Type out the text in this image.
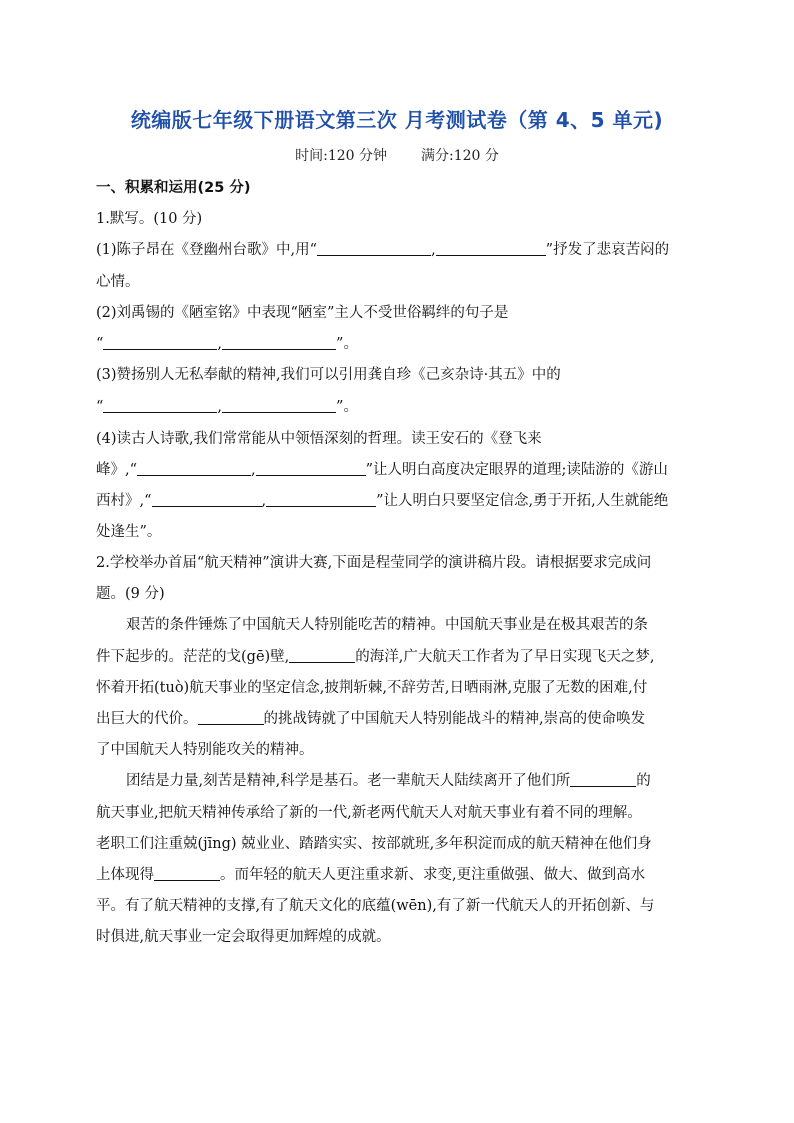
统编版七年级下册语文第三次 月考测试卷（第 4、5 单元)
时间:120 分钟 满分:120 分
一、积累和运用(25 分)
1.默写。(10 分)
(1)陈子昂在《登幽州台歌》中,用“	,	”抒发了悲哀苦闷的
心情。
(2)刘禹锡的《陋室铭》中表现“陋室”主人不受世俗羁绊的句子是
“	,	”。
(3)赞扬别人无私奉献的精神,我们可以引用龚自珍《己亥杂诗·其五》中的
“	,	”。
(4)读古人诗歌,我们常常能从中领悟深刻的哲理。读王安石的《登飞来
峰》,“	,	”让人明白高度决定眼界的道理;读陆游的《游山
西村》,“	,	”让人明白只要坚定信念,勇于开拓,人生就能绝
处逢生”。
2.学校举办首届“航天精神”演讲大赛,下面是程莹同学的演讲稿片段。请根据要求完成问
题。(9 分)
艰苦的条件锤炼了中国航天人特别能吃苦的精神。中国航天事业是在极其艰苦的条
件下起步的。茫茫的戈(gē)壁,	的海洋,广大航天工作者为了早日实现飞天之梦,
怀着开拓(tuò)航天事业的坚定信念,披荆斩棘,不辞劳苦,日晒雨淋,克服了无数的困难,付
出巨大的代价。	的挑战铸就了中国航天人特别能战斗的精神,崇高的使命唤发
了中国航天人特别能攻关的精神。
团结是力量,刻苦是精神,科学是基石。老一辈航天人陆续离开了他们所	的
航天事业,把航天精神传承给了新的一代,新老两代航天人对航天事业有着不同的理解。
老职工们注重兢(jīng) 兢业业、踏踏实实、按部就班,多年积淀而成的航天精神在他们身
上体现得	。而年轻的航天人更注重求新、求变,更注重做强、做大、做到高水
平。有了航天精神的支撑,有了航天文化的底蕴(wēn),有了新一代航天人的开拓创新、与
时俱进,航天事业一定会取得更加辉煌的成就。
